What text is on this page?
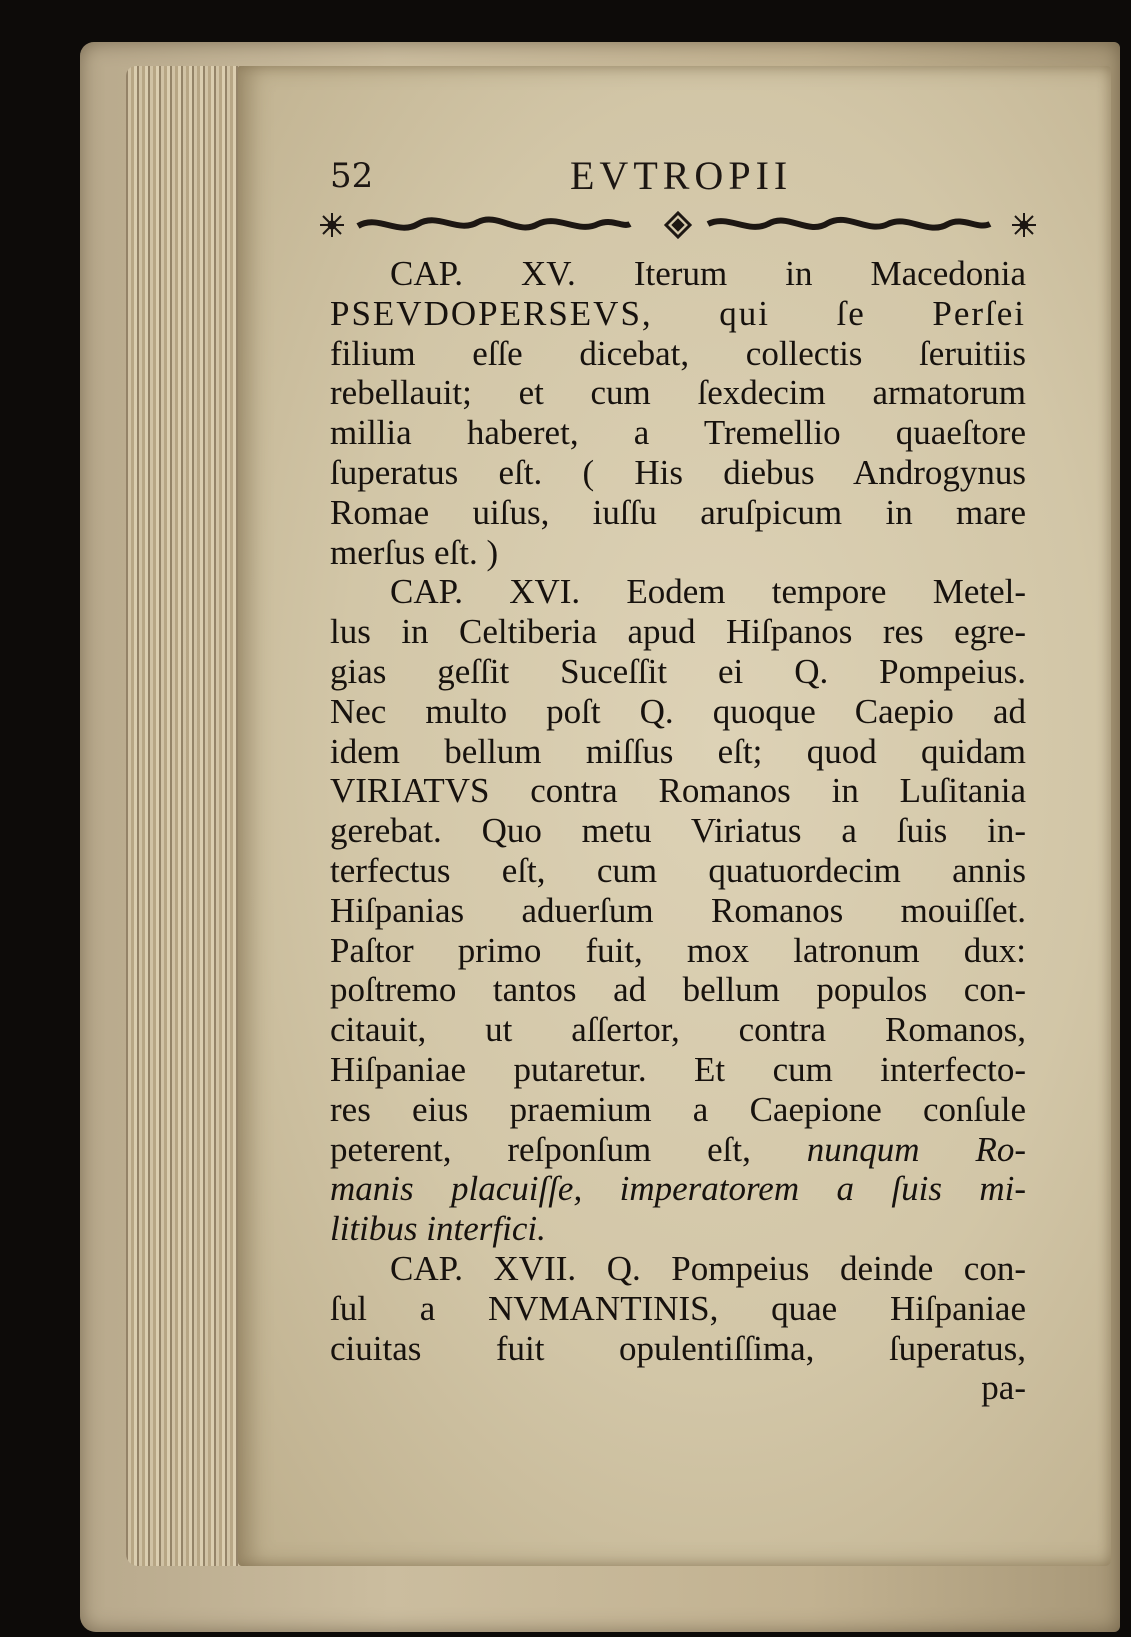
52	EVTROPII
CAP. XV. Iterum in Macedonia
PSEVDOPERSEVS, qui ſe Perſei
filium eſſe dicebat, collectis ſeruitiis
rebellauit; et cum ſexdecim armatorum
millia haberet, a Tremellio quaeſtore
ſuperatus eſt. ( His diebus Androgynus
Romae uiſus, iuſſu aruſpicum in mare
merſus eſt. )
CAP. XVI. Eodem tempore Metel-
lus in Celtiberia apud Hiſpanos res egre-
gias geſſit Suceſſit ei Q. Pompeius.
Nec multo poſt Q. quoque Caepio ad
idem bellum miſſus eſt; quod quidam
VIRIATVS contra Romanos in Luſitania
gerebat. Quo metu Viriatus a ſuis in-
terfectus eſt, cum quatuordecim annis
Hiſpanias aduerſum Romanos mouiſſet.
Paſtor primo fuit, mox latronum dux:
poſtremo tantos ad bellum populos con-
citauit, ut aſſertor, contra Romanos,
Hiſpaniae putaretur. Et cum interfecto-
res eius praemium a Caepione conſule
peterent, reſponſum eſt, nunqum Ro-
manis placuiſſe, imperatorem a ſuis mi-
litibus interfici.
CAP. XVII. Q. Pompeius deinde con-
ſul a NVMANTINIS, quae Hiſpaniae
ciuitas fuit opulentiſſima, ſuperatus,
pa-
